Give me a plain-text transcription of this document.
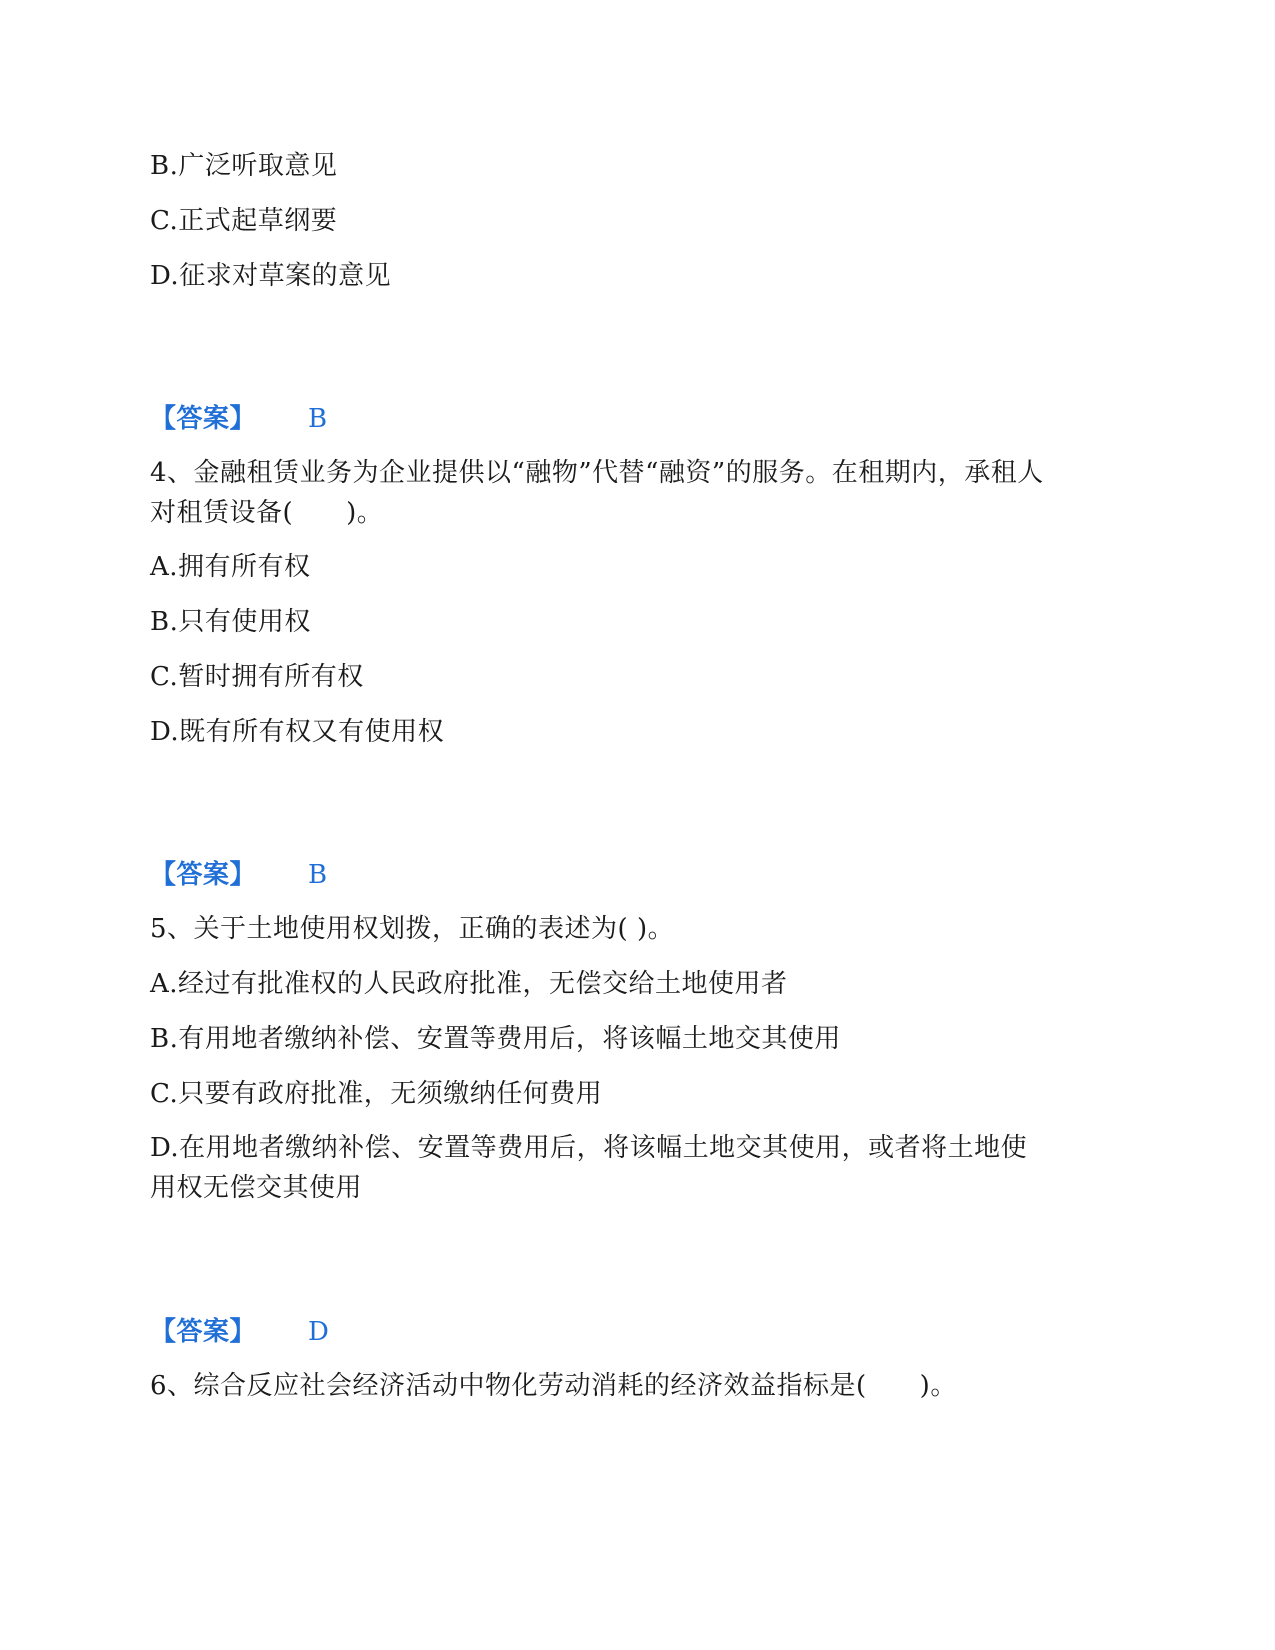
B.广泛听取意见
C.正式起草纲要
D.征求对草案的意见
【答案】 B
4、金融租赁业务为企业提供以“融物”代替“融资”的服务。在租期内，承租人
对租赁设备(　　)。
A.拥有所有权
B.只有使用权
C.暂时拥有所有权
D.既有所有权又有使用权
【答案】 B
5、关于土地使用权划拨，正确的表述为( )。
A.经过有批准权的人民政府批准，无偿交给土地使用者
B.有用地者缴纳补偿、安置等费用后，将该幅土地交其使用
C.只要有政府批准，无须缴纳任何费用
D.在用地者缴纳补偿、安置等费用后，将该幅土地交其使用，或者将土地使
用权无偿交其使用
【答案】 D
6、综合反应社会经济活动中物化劳动消耗的经济效益指标是(　　)。
